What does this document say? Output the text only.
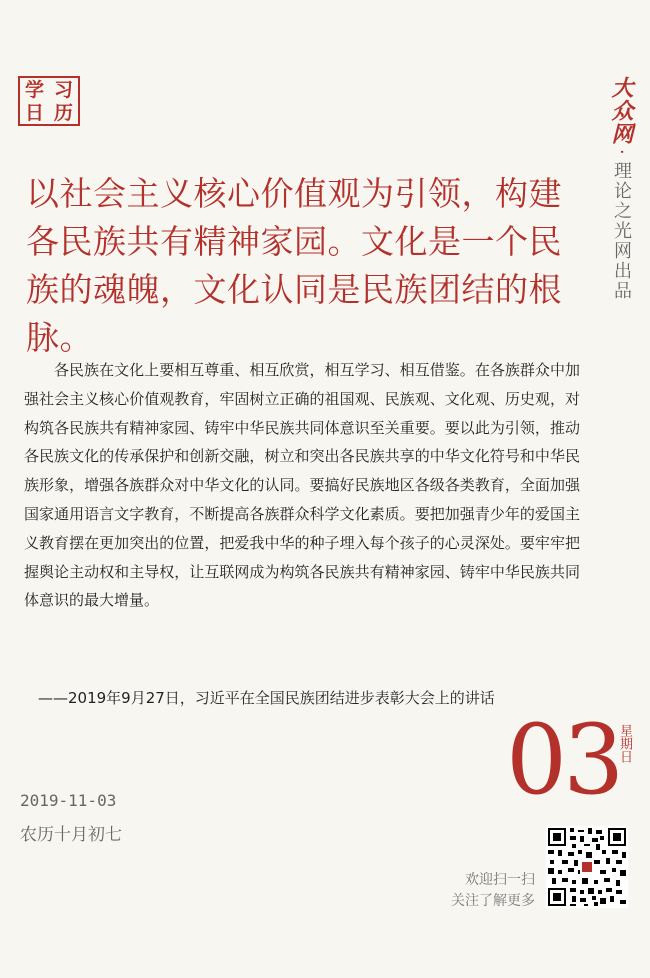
学 习
日 历	大众网
·
理论之光网出品
以社会主义核心价值观为引领，构建各民族共有精神家园。文化是一个民族的魂魄，文化认同是民族团结的根脉。

各民族在文化上要相互尊重、相互欣赏，相互学习、相互借鉴。在各族群众中加强社会主义核心价值观教育，牢固树立正确的祖国观、民族观、文化观、历史观，对构筑各民族共有精神家园、铸牢中华民族共同体意识至关重要。要以此为引领，推动各民族文化的传承保护和创新交融，树立和突出各民族共享的中华文化符号和中华民族形象，增强各族群众对中华文化的认同。要搞好民族地区各级各类教育，全面加强国家通用语言文字教育，不断提高各族群众科学文化素质。要把加强青少年的爱国主义教育摆在更加突出的位置，把爱我中华的种子埋入每个孩子的心灵深处。要牢牢把握舆论主动权和主导权，让互联网成为构筑各民族共有精神家园、铸牢中华民族共同体意识的最大增量。

——2019年9月27日，习近平在全国民族团结进步表彰大会上的讲话

03
星期日
2019-11-03
农历十月初七
欢迎扫一扫
关注了解更多
